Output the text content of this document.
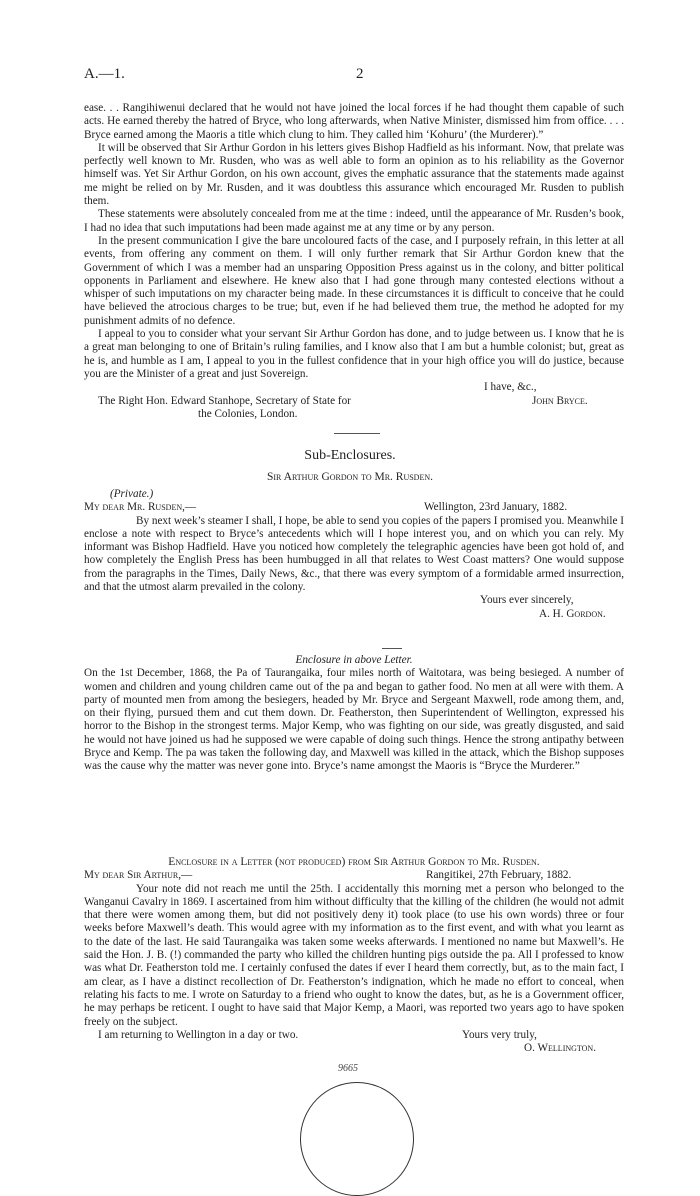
A.—1.	2

ease. . . Rangihiwenui declared that he would not have joined the local forces if he had thought them capable of such acts. He earned thereby the hatred of Bryce, who long afterwards, when Native Minister, dismissed him from office. . . . Bryce earned among the Maoris a title which clung to him. They called him ‘Kohuru’ (the Murderer).”

It will be observed that Sir Arthur Gordon in his letters gives Bishop Hadfield as his informant. Now, that prelate was perfectly well known to Mr. Rusden, who was as well able to form an opinion as to his reliability as the Governor himself was. Yet Sir Arthur Gordon, on his own account, gives the emphatic assurance that the statements made against me might be relied on by Mr. Rusden, and it was doubtless this assurance which encouraged Mr. Rusden to publish them.

These statements were absolutely concealed from me at the time : indeed, until the appearance of Mr. Rusden’s book, I had no idea that such imputations had been made against me at any time or by any person.

In the present communication I give the bare uncoloured facts of the case, and I purposely refrain, in this letter at all events, from offering any comment on them. I will only further remark that Sir Arthur Gordon knew that the Government of which I was a member had an unsparing Opposition Press against us in the colony, and bitter political opponents in Parliament and elsewhere. He knew also that I had gone through many contested elections without a whisper of such imputations on my character being made. In these circumstances it is difficult to conceive that he could have believed the atrocious charges to be true; but, even if he had believed them true, the method he adopted for my punishment admits of no defence.

I appeal to you to consider what your servant Sir Arthur Gordon has done, and to judge between us. I know that he is a great man belonging to one of Britain’s ruling families, and I know also that I am but a humble colonist; but, great as he is, and humble as I am, I appeal to you in the fullest confidence that in your high office you will do justice, because you are the Minister of a great and just Sovereign.

I have, &c.,
The Right Hon. Edward Stanhope, Secretary of State for	John Bryce.
the Colonies, London.
Sub-Enclosures.
Sir Arthur Gordon to Mr. Rusden.
(Private.)
My dear Mr. Rusden,—	Wellington, 23rd January, 1882.

By next week’s steamer I shall, I hope, be able to send you copies of the papers I promised you. Meanwhile I enclose a note with respect to Bryce’s antecedents which will I hope interest you, and on which you can rely. My informant was Bishop Hadfield. Have you noticed how completely the telegraphic agencies have been got hold of, and how completely the English Press has been humbugged in all that relates to West Coast matters? One would suppose from the paragraphs in the Times, Daily News, &c., that there was every symptom of a formidable armed insurrection, and that the utmost alarm prevailed in the colony.

Yours ever sincerely,
A. H. Gordon.
Enclosure in above Letter.

On the 1st December, 1868, the Pa of Taurangaika, four miles north of Waitotara, was being besieged. A number of women and children and young children came out of the pa and began to gather food. No men at all were with them. A party of mounted men from among the besiegers, headed by Mr. Bryce and Sergeant Maxwell, rode among them, and, on their flying, pursued them and cut them down. Dr. Featherston, then Superintendent of Wellington, expressed his horror to the Bishop in the strongest terms. Major Kemp, who was fighting on our side, was greatly disgusted, and said he would not have joined us had he supposed we were capable of doing such things. Hence the strong antipathy between Bryce and Kemp. The pa was taken the following day, and Maxwell was killed in the attack, which the Bishop supposes was the cause why the matter was never gone into. Bryce’s name amongst the Maoris is “Bryce the Murderer.”

Enclosure in a Letter (not produced) from Sir Arthur Gordon to Mr. Rusden.
My dear Sir Arthur,—	Rangitikei, 27th February, 1882.

Your note did not reach me until the 25th. I accidentally this morning met a person who belonged to the Wanganui Cavalry in 1869. I ascertained from him without difficulty that the killing of the children (he would not admit that there were women among them, but did not positively deny it) took place (to use his own words) three or four weeks before Maxwell’s death. This would agree with my information as to the first event, and with what you learnt as to the date of the last. He said Taurangaika was taken some weeks afterwards. I mentioned no name but Maxwell’s. He said the Hon. J. B. (!) commanded the party who killed the children hunting pigs outside the pa. All I professed to know was what Dr. Featherston told me. I certainly confused the dates if ever I heard them correctly, but, as to the main fact, I am clear, as I have a distinct recollection of Dr. Featherston’s indignation, which he made no effort to conceal, when relating his facts to me. I wrote on Saturday to a friend who ought to know the dates, but, as he is a Government officer, he may perhaps be reticent. I ought to have said that Major Kemp, a Maori, was reported two years ago to have spoken freely on the subject.

I am returning to Wellington in a day or two.	Yours very truly,
O. Wellington.
9665
